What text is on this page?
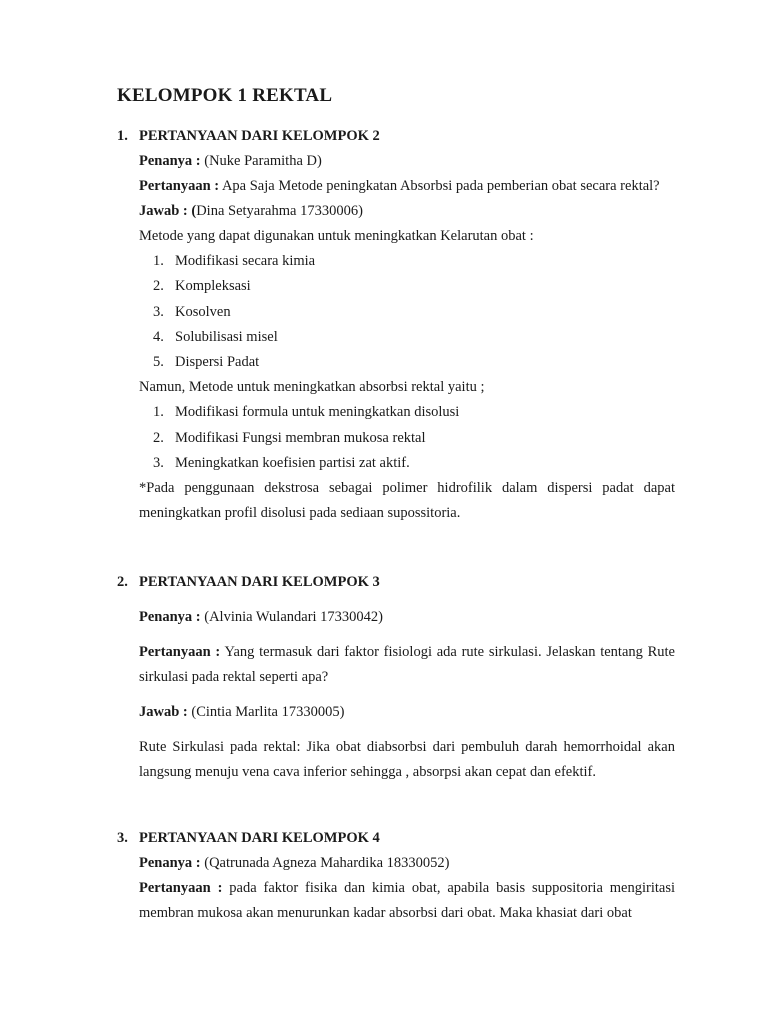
KELOMPOK 1 REKTAL
1. PERTANYAAN DARI KELOMPOK 2
Penanya : (Nuke Paramitha D)
Pertanyaan : Apa Saja Metode peningkatan Absorbsi pada pemberian obat secara rektal?
Jawab : (Dina Setyarahma 17330006)
Metode yang dapat digunakan untuk meningkatkan Kelarutan obat :
1. Modifikasi secara kimia
2. Kompleksasi
3. Kosolven
4. Solubilisasi misel
5. Dispersi Padat
Namun, Metode untuk meningkatkan absorbsi rektal yaitu ;
1. Modifikasi formula untuk meningkatkan disolusi
2. Modifikasi Fungsi membran mukosa rektal
3. Meningkatkan koefisien partisi zat aktif.
*Pada penggunaan dekstrosa sebagai polimer hidrofilik dalam dispersi padat dapat meningkatkan profil disolusi pada sediaan supossitoria.
2. PERTANYAAN DARI KELOMPOK 3
Penanya : (Alvinia Wulandari 17330042)
Pertanyaan : Yang termasuk dari faktor fisiologi ada rute sirkulasi. Jelaskan tentang Rute sirkulasi pada rektal seperti apa?
Jawab : (Cintia Marlita 17330005)
Rute Sirkulasi pada rektal: Jika obat diabsorbsi dari pembuluh darah hemorrhoidal akan langsung menuju vena cava inferior sehingga , absorpsi akan cepat dan efektif.
3. PERTANYAAN DARI KELOMPOK 4
Penanya : (Qatrunada Agneza Mahardika 18330052)
Pertanyaan : pada faktor fisika dan kimia obat, apabila basis suppositoria mengiritasi membran mukosa akan menurunkan kadar absorbsi dari obat. Maka khasiat dari obat
